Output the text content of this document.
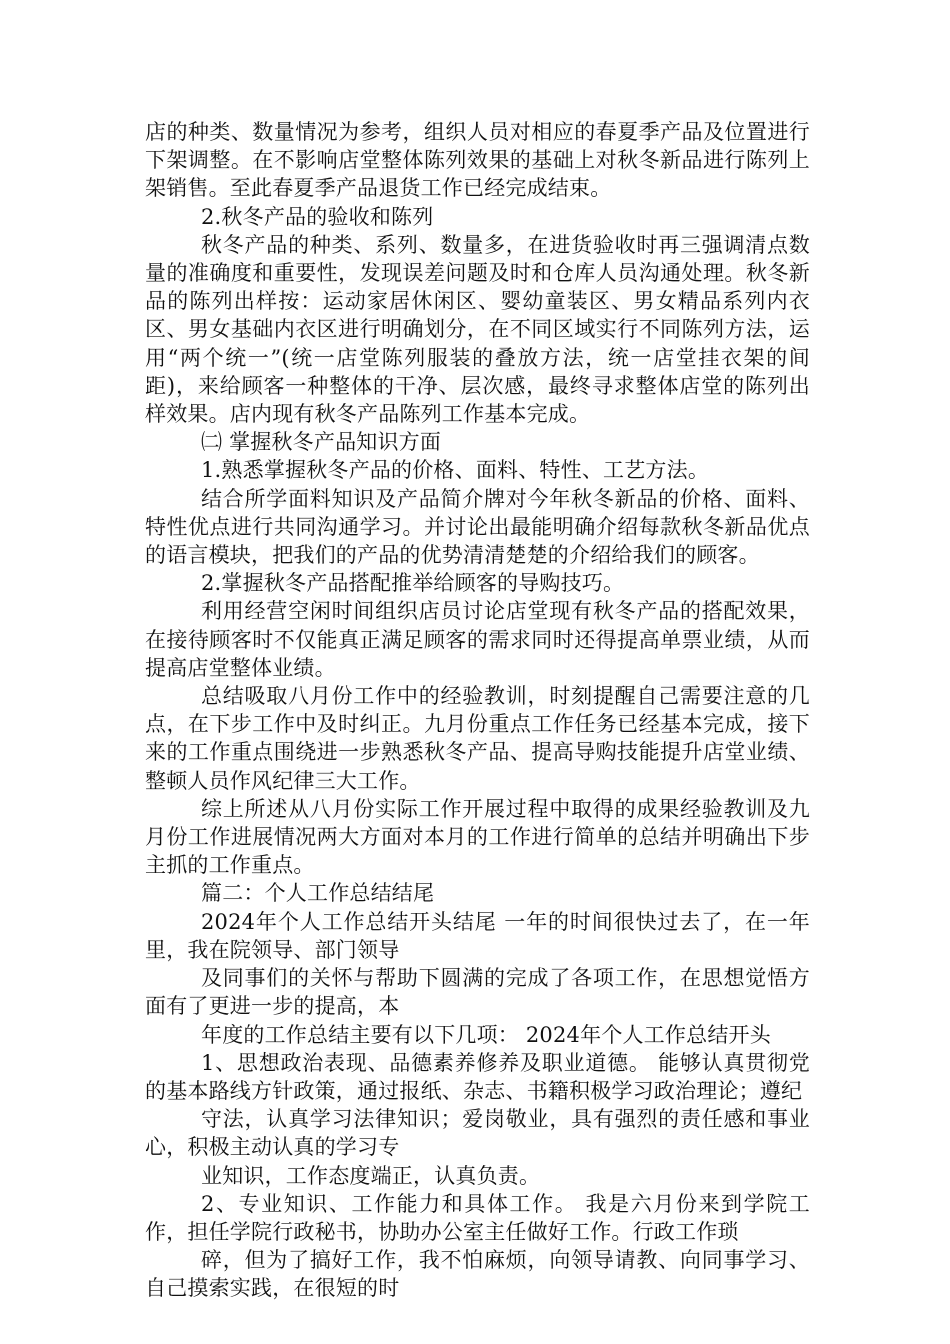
店的种类、数量情况为参考，组织人员对相应的春夏季产品及位置进行下架调整。在不影响店堂整体陈列效果的基础上对秋冬新品进行陈列上架销售。至此春夏季产品退货工作已经完成结束。

2.秋冬产品的验收和陈列

秋冬产品的种类、系列、数量多，在进货验收时再三强调清点数量的准确度和重要性，发现误差问题及时和仓库人员沟通处理。秋冬新品的陈列出样按：运动家居休闲区、婴幼童装区、男女精品系列内衣区、男女基础内衣区进行明确划分，在不同区域实行不同陈列方法，运用“两个统一”(统一店堂陈列服装的叠放方法，统一店堂挂衣架的间距)，来给顾客一种整体的干净、层次感，最终寻求整体店堂的陈列出样效果。店内现有秋冬产品陈列工作基本完成。

㈡ 掌握秋冬产品知识方面

1.熟悉掌握秋冬产品的价格、面料、特性、工艺方法。

结合所学面料知识及产品简介牌对今年秋冬新品的价格、面料、特性优点进行共同沟通学习。并讨论出最能明确介绍每款秋冬新品优点的语言模块，把我们的产品的优势清清楚楚的介绍给我们的顾客。

2.掌握秋冬产品搭配推举给顾客的导购技巧。

利用经营空闲时间组织店员讨论店堂现有秋冬产品的搭配效果，在接待顾客时不仅能真正满足顾客的需求同时还得提高单票业绩，从而提高店堂整体业绩。

总结吸取八月份工作中的经验教训，时刻提醒自己需要注意的几点，在下步工作中及时纠正。九月份重点工作任务已经基本完成，接下来的工作重点围绕进一步熟悉秋冬产品、提高导购技能提升店堂业绩、整顿人员作风纪律三大工作。

综上所述从八月份实际工作开展过程中取得的成果经验教训及九月份工作进展情况两大方面对本月的工作进行简单的总结并明确出下步主抓的工作重点。

篇二：个人工作总结结尾

2024年个人工作总结开头结尾 一年的时间很快过去了，在一年里，我在院领导、部门领导

及同事们的关怀与帮助下圆满的完成了各项工作，在思想觉悟方面有了更进一步的提高，本

年度的工作总结主要有以下几项： 2024年个人工作总结开头

1、思想政治表现、品德素养修养及职业道德。 能够认真贯彻党的基本路线方针政策，通过报纸、杂志、书籍积极学习政治理论；遵纪

守法，认真学习法律知识；爱岗敬业，具有强烈的责任感和事业心，积极主动认真的学习专

业知识，工作态度端正，认真负责。

2、专业知识、工作能力和具体工作。 我是六月份来到学院工作，担任学院行政秘书，协助办公室主任做好工作。行政工作琐

碎，但为了搞好工作，我不怕麻烦，向领导请教、向同事学习、自己摸索实践，在很短的时
